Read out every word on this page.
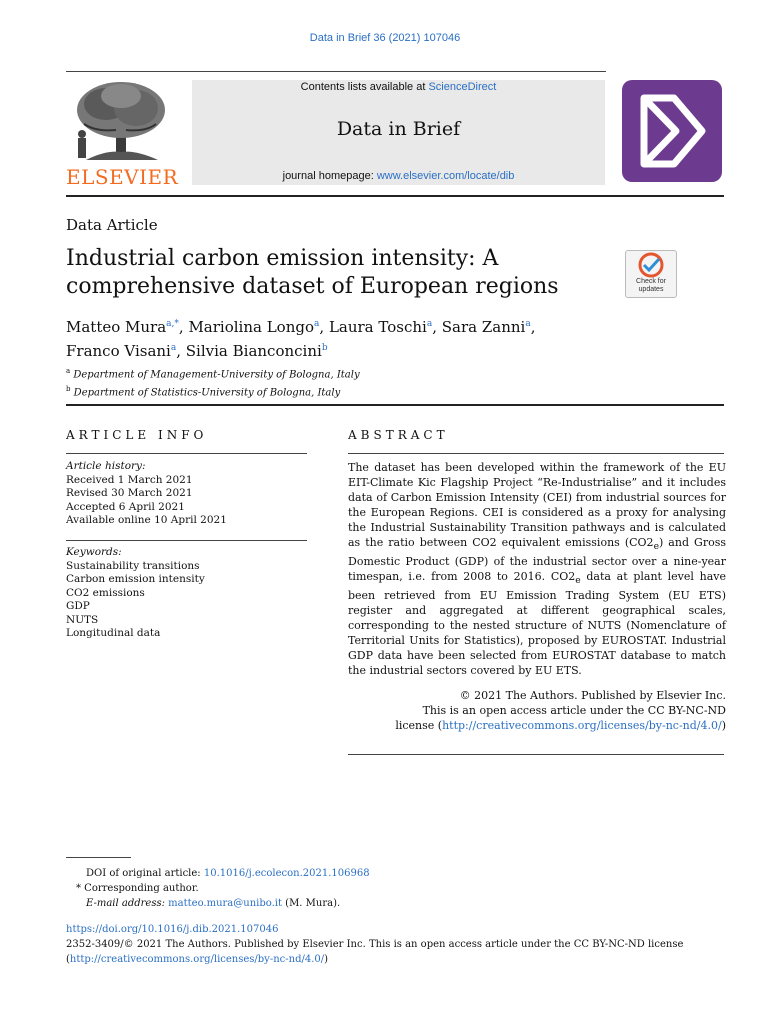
Data in Brief 36 (2021) 107046
ELSEVIER
Contents lists available at ScienceDirect
Data in Brief
journal homepage: www.elsevier.com/locate/dib
Data Article
Industrial carbon emission intensity: A
comprehensive dataset of European regions	Check for
updates
Matteo Mura$^{a,*}$, Mariolina Longo$^a$, Laura Toschi$^a$, Sara Zanni$^a$,
Franco Visani$^a$, Silvia Bianconcini$^b$
$^a$ Department of Management-University of Bologna, Italy
$^b$ Department of Statistics-University of Bologna, Italy
ARTICLE INFO
Article history:
Received 1 March 2021
Revised 30 March 2021
Accepted 6 April 2021
Available online 10 April 2021
Keywords:
Sustainability transitions
Carbon emission intensity
CO2 emissions
GDP
NUTS
Longitudinal data
ABSTRACT
The dataset has been developed within the framework of the EU EIT-Climate Kic Flagship Project “Re-Industrialise” and it includes data of Carbon Emission Intensity (CEI) from industrial sources for the European Regions. CEI is considered as a proxy for analysing the Industrial Sustainability Transition pathways and is calculated as the ratio between CO2 equivalent emissions $(CO2_e)$ and Gross Domestic Product (GDP) of the industrial sector over a nine-year timespan, i.e. from 2008 to 2016. $CO2_e$ data at plant level have been retrieved from EU Emission Trading System (EU ETS) register and aggregated at different geographical scales, corresponding to the nested structure of NUTS (Nomenclature of Territorial Units for Statistics), proposed by EUROSTAT. Industrial GDP data have been selected from EUROSTAT database to match the industrial sectors covered by EU ETS.
© 2021 The Authors. Published by Elsevier Inc.
This is an open access article under the CC BY-NC-ND
license (http://creativecommons.org/licenses/by-nc-nd/4.0/)
DOI of original article: 10.1016/j.ecolecon.2021.106968
* Corresponding author.
E-mail address: matteo.mura@unibo.it (M. Mura).
https://doi.org/10.1016/j.dib.2021.107046
2352-3409/© 2021 The Authors. Published by Elsevier Inc. This is an open access article under the CC BY-NC-ND license
(http://creativecommons.org/licenses/by-nc-nd/4.0/)
